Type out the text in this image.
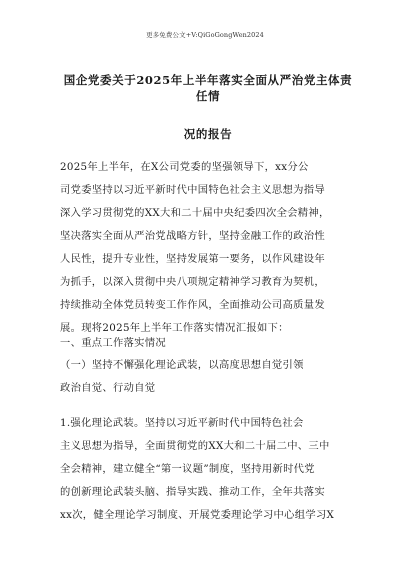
更多免费公文+V:QiGoGongWen2024
国企党委关于2025年上半年落实全面从严治党主体责任情
况的报告
2025年上半年，在X公司党委的坚强领导下，xx分公
司党委坚持以习近平新时代中国特色社会主义思想为指导
深入学习贯彻党的XX大和二十届中央纪委四次全会精神，
坚决落实全面从严治党战略方针，坚持金融工作的政治性
人民性，提升专业性，坚持发展第一要务，以作风建设年
为抓手，以深入贯彻中央八项规定精神学习教育为契机，
持续推动全体党员转变工作作风，全面推动公司高质量发
展。现将2025年上半年工作落实情况汇报如下：
一、重点工作落实情况
（一）坚持不懈强化理论武装，以高度思想自觉引领
政治自觉、行动自觉
1.强化理论武装。坚持以习近平新时代中国特色社会
主义思想为指导，全面贯彻党的XX大和二十届二中、三中
全会精神，建立健全“第一议题”制度，坚持用新时代党
的创新理论武装头脑、指导实践、推动工作，全年共落实
xx次，健全理论学习制度、开展党委理论学习中心组学习X
